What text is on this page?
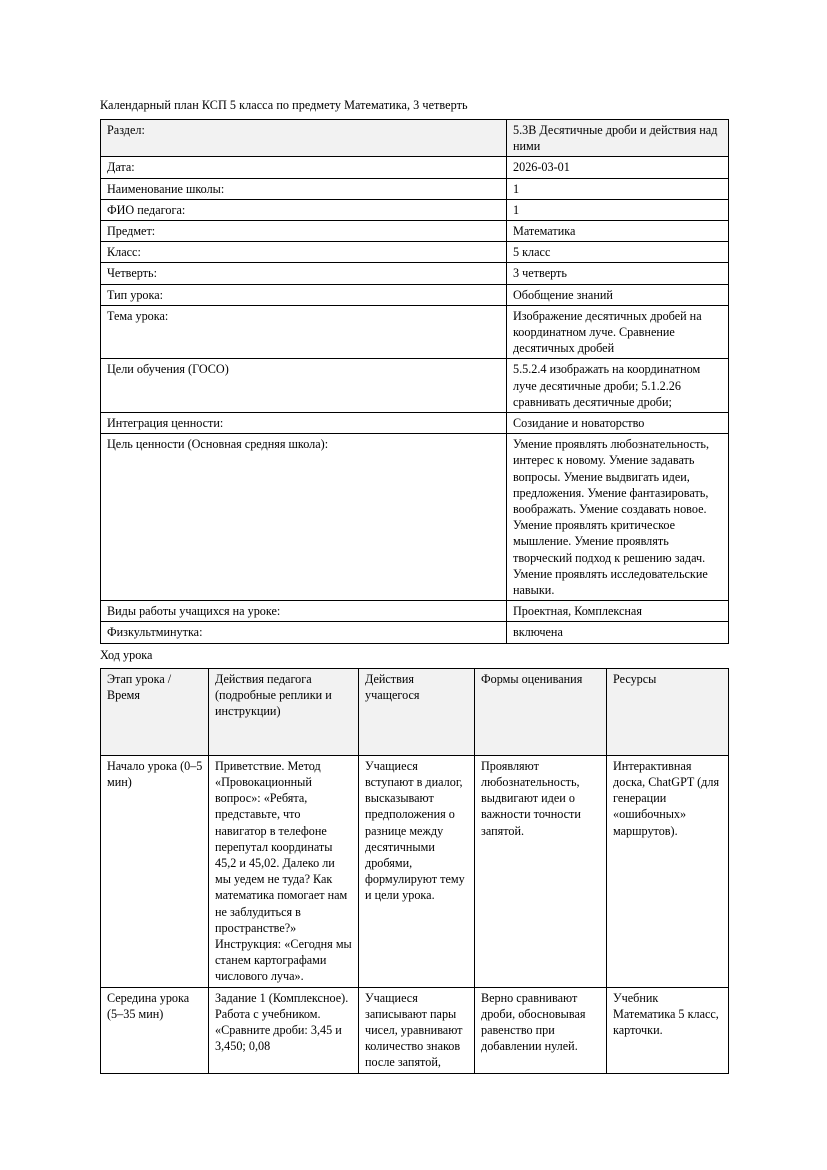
Календарный план КСП 5 класса по предмету Математика, 3 четверть

Раздел:	5.3В Десятичные дроби и действия над ними
Дата:	2026-03-01
Наименование школы:	1
ФИО педагога:	1
Предмет:	Математика
Класс:	5 класс
Четверть:	3 четверть
Тип урока:	Обобщение знаний
Тема урока:	Изображение десятичных дробей на координатном луче. Сравнение десятичных дробей
Цели обучения (ГОСО)	5.5.2.4 изображать на координатном луче десятичные дроби; 5.1.2.26 сравнивать десятичные дроби;
Интеграция ценности:	Созидание и новаторство
Цель ценности (Основная средняя школа):	Умение проявлять любознательность, интерес к новому. Умение задавать вопросы. Умение выдвигать идеи, предложения. Умение фантазировать, воображать. Умение создавать новое. Умение проявлять критическое мышление. Умение проявлять творческий подход к решению задач. Умение проявлять исследовательские навыки.
Виды работы учащихся на уроке:	Проектная, Комплексная
Физкультминутка:	включена

Ход урока

Этап урока / Время	Действия педагога (подробные реплики и инструкции)	Действия учащегося	Формы оценивания	Ресурсы
Начало урока (0–5 мин)	Приветствие. Метод «Провокационный вопрос»: «Ребята, представьте, что навигатор в телефоне перепутал координаты 45,2 и 45,02. Далеко ли мы уедем не туда? Как математика помогает нам не заблудиться в пространстве?» Инструкция: «Сегодня мы станем картографами числового луча».	Учащиеся вступают в диалог, высказывают предположения о разнице между десятичными дробями, формулируют тему и цели урока.	Проявляют любознательность, выдвигают идеи о важности точности запятой.	Интерактивная доска, ChatGPT (для генерации «ошибочных» маршрутов).
Середина урока (5–35 мин)	Задание 1 (Комплексное). Работа с учебником. «Сравните дроби: 3,45 и 3,450; 0,08	Учащиеся записывают пары чисел, уравнивают количество знаков после запятой,	Верно сравнивают дроби, обосновывая равенство при добавлении нулей.	Учебник Математика 5 класс, карточки.
